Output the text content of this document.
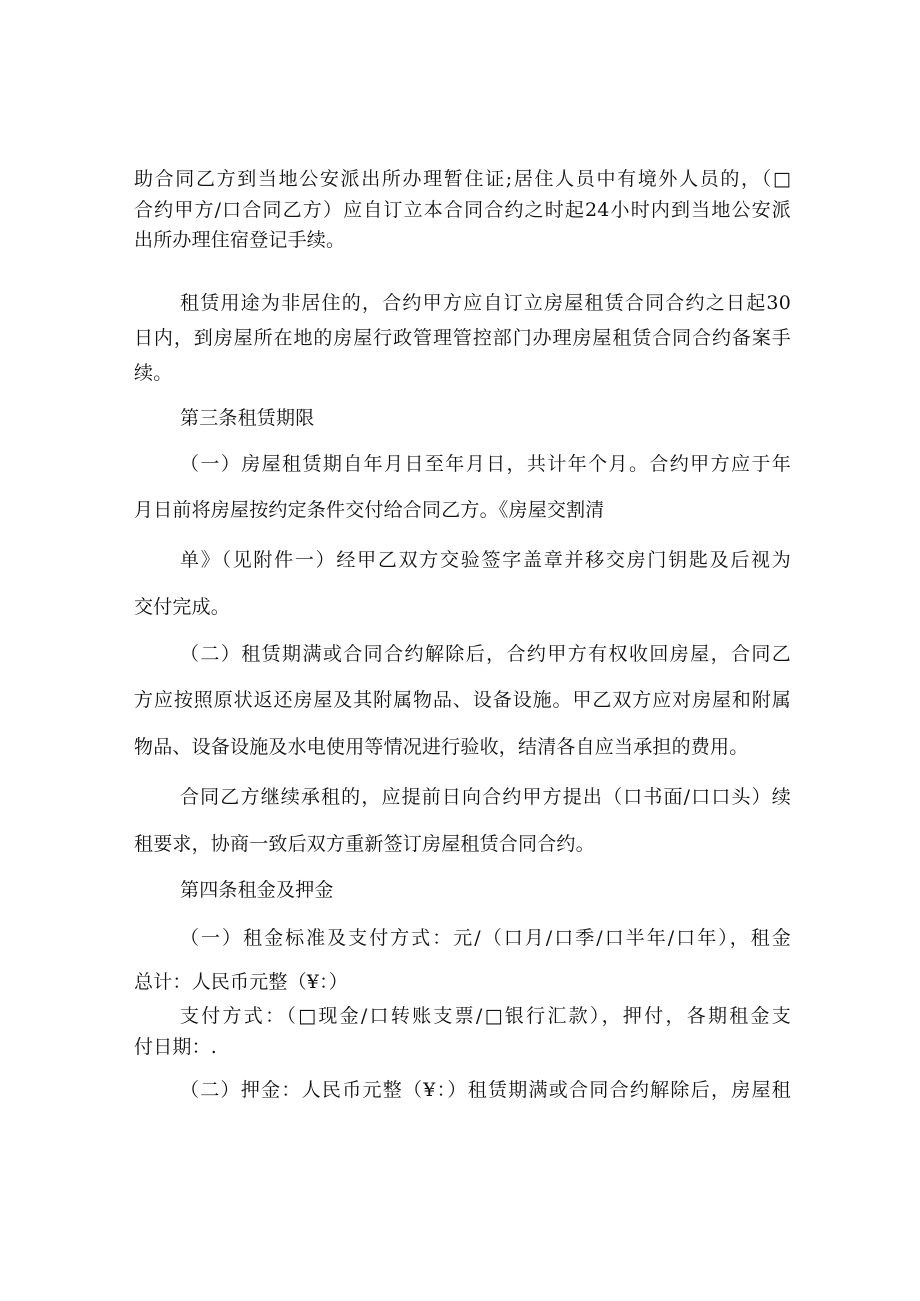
助合同乙方到当地公安派出所办理暂住证;居住人员中有境外人员的，（□

合约甲方/口合同乙方）应自订立本合同合约之时起24小时内到当地公安派

出所办理住宿登记手续。

租赁用途为非居住的，合约甲方应自订立房屋租赁合同合约之日起30

日内，到房屋所在地的房屋行政管理管控部门办理房屋租赁合同合约备案手

续。

第三条租赁期限

（一）房屋租赁期自年月日至年月日，共计年个月。合约甲方应于年

月日前将房屋按约定条件交付给合同乙方。《房屋交割清

单》（见附件一）经甲乙双方交验签字盖章并移交房门钥匙及后视为

交付完成。

（二）租赁期满或合同合约解除后，合约甲方有权收回房屋，合同乙

方应按照原状返还房屋及其附属物品、设备设施。甲乙双方应对房屋和附属

物品、设备设施及水电使用等情况进行验收，结清各自应当承担的费用。

合同乙方继续承租的，应提前日向合约甲方提出（口书面/口口头）续

租要求，协商一致后双方重新签订房屋租赁合同合约。

第四条租金及押金

（一）租金标准及支付方式：元/（口月/口季/口半年/口年），租金

总计：人民币元整（¥：）

支付方式：（□现金/口转账支票/□银行汇款），押付，各期租金支

付日期：.

（二）押金：人民币元整（¥：）租赁期满或合同合约解除后，房屋租
